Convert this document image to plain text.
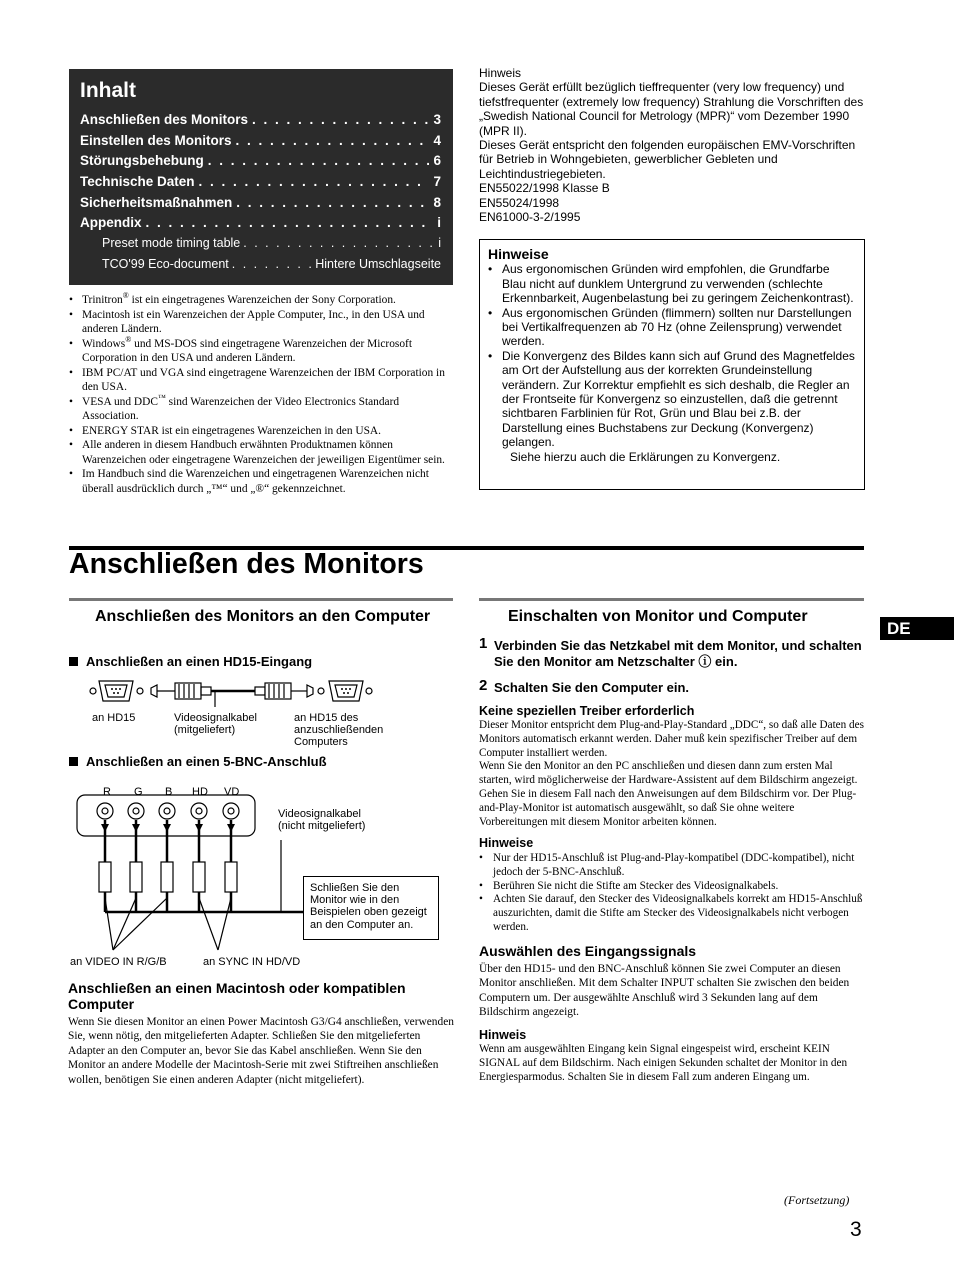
Inhalt
Anschließen des Monitors . . .	3
Einstellen des Monitors . . .	4
Störungsbehebung . . .	6
Technische Daten . . .	7
Sicherheitsmaßnahmen . . .	8
Appendix . . .	i
Preset mode timing table . . .	i
TCO'99 Eco-document . . .	Hintere Umschlagseite
• Trinitron® ist ein eingetragenes Warenzeichen der Sony Corporation.
• Macintosh ist ein Warenzeichen der Apple Computer, Inc., in den USA und anderen Ländern.
• Windows® und MS-DOS sind eingetragene Warenzeichen der Microsoft Corporation in den USA und anderen Ländern.
• IBM PC/AT und VGA sind eingetragene Warenzeichen der IBM Corporation in den USA.
• VESA und DDC™ sind Warenzeichen der Video Electronics Standard Association.
• ENERGY STAR ist ein eingetragenes Warenzeichen in den USA.
• Alle anderen in diesem Handbuch erwähnten Produktnamen können Warenzeichen oder eingetragene Warenzeichen der jeweiligen Eigentümer sein.
• Im Handbuch sind die Warenzeichen und eingetragenen Warenzeichen nicht überall ausdrücklich durch „™“ und „®“ gekennzeichnet.
Hinweis
Dieses Gerät erfüllt bezüglich tieffrequenter (very low frequency) und tiefstfrequenter (extremely low frequency) Strahlung die Vorschriften des „Swedish National Council for Metrology (MPR)“ vom Dezember 1990 (MPR II).
Dieses Gerät entspricht den folgenden europäischen EMV-Vorschriften für Betrieb in Wohngebieten, gewerblicher Gebleten und Leichtindustriegebieten.
EN55022/1998 Klasse B
EN55024/1998
EN61000-3-2/1995
Hinweise
• Aus ergonomischen Gründen wird empfohlen, die Grundfarbe Blau nicht auf dunklem Untergrund zu verwenden (schlechte Erkennbarkeit, Augenbelastung bei zu geringem Zeichenkontrast).
• Aus ergonomischen Gründen (flimmern) sollten nur Darstellungen bei Vertikalfrequenzen ab 70 Hz (ohne Zeilensprung) verwendet werden.
• Die Konvergenz des Bildes kann sich auf Grund des Magnetfeldes am Ort der Aufstellung aus der korrekten Grundeinstellung verändern. Zur Korrektur empfiehlt es sich deshalb, die Regler an der Frontseite für Konvergenz so einzustellen, daß die getrennt sichtbaren Farblinien für Rot, Grün und Blau bei z.B. der Darstellung eines Buchstabens zur Deckung (Konvergenz) gelangen.
Siehe hierzu auch die Erklärungen zu Konvergenz.
Anschließen des Monitors
DE
Anschließen des Monitors an den Computer
Anschließen an einen HD15-Eingang
an HD15	Videosignalkabel (mitgeliefert)
an HD15 des anzuschließenden Computers
Anschließen an einen 5-BNC-Anschluß
R G B HD VD
Videosignalkabel (nicht mitgeliefert)
Schließen Sie den Monitor wie in den Beispielen oben gezeigt an den Computer an.
an VIDEO IN R/G/B	an SYNC IN HD/VD
Anschließen an einen Macintosh oder kompatiblen Computer
Wenn Sie diesen Monitor an einen Power Macintosh G3/G4 anschließen, verwenden Sie, wenn nötig, den mitgelieferten Adapter. Schließen Sie den mitgelieferten Adapter an den Computer an, bevor Sie das Kabel anschließen. Wenn Sie den Monitor an andere Modelle der Macintosh-Serie mit zwei Stiftreihen anschließen wollen, benötigen Sie einen anderen Adapter (nicht mitgeliefert).
Einschalten von Monitor und Computer
1 Verbinden Sie das Netzkabel mit dem Monitor, und schalten Sie den Monitor am Netzschalter ⓘ ein.
2 Schalten Sie den Computer ein.
Keine speziellen Treiber erforderlich
Dieser Monitor entspricht dem Plug-and-Play-Standard „DDC“, so daß alle Daten des Monitors automatisch erkannt werden. Daher muß kein spezifischer Treiber auf dem Computer installiert werden.
Wenn Sie den Monitor an den PC anschließen und diesen dann zum ersten Mal starten, wird möglicherweise der Hardware-Assistent auf dem Bildschirm angezeigt. Gehen Sie in diesem Fall nach den Anweisungen auf dem Bildschirm vor. Der Plug-and-Play-Monitor ist automatisch ausgewählt, so daß Sie ohne weitere Vorbereitungen mit diesem Monitor arbeiten können.
Hinweise
• Nur der HD15-Anschluß ist Plug-and-Play-kompatibel (DDC-kompatibel), nicht jedoch der 5-BNC-Anschluß.
• Berühren Sie nicht die Stifte am Stecker des Videosignalkabels.
• Achten Sie darauf, den Stecker des Videosignalkabels korrekt am HD15-Anschluß auszurichten, damit die Stifte am Stecker des Videosignalkabels nicht verbogen werden.
Auswählen des Eingangssignals
Über den HD15- und den BNC-Anschluß können Sie zwei Computer an diesen Monitor anschließen. Mit dem Schalter INPUT schalten Sie zwischen den beiden Computern um. Der ausgewählte Anschluß wird 3 Sekunden lang auf dem Bildschirm angezeigt.
Hinweis
Wenn am ausgewählten Eingang kein Signal eingespeist wird, erscheint KEIN SIGNAL auf dem Bildschirm. Nach einigen Sekunden schaltet der Monitor in den Energiesparmodus. Schalten Sie in diesem Fall zum anderen Eingang um.
(Fortsetzung)
3
